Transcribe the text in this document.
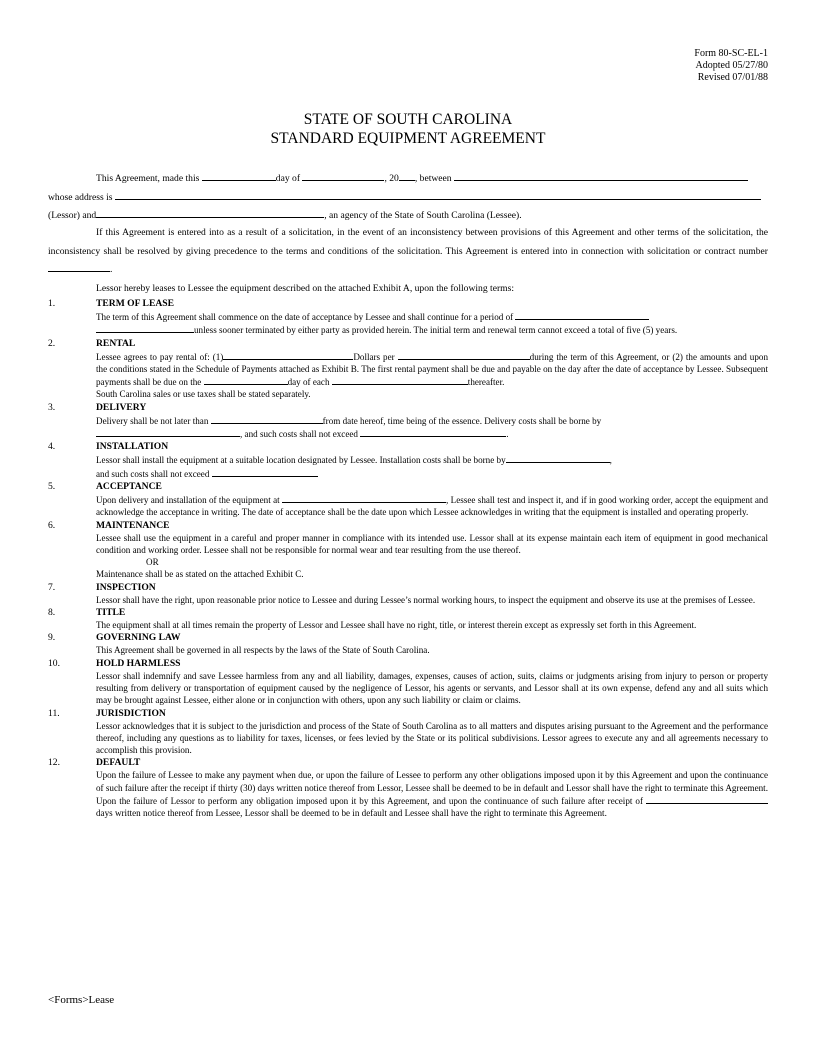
Form 80-SC-EL-1
Adopted 05/27/80
Revised 07/01/88
STATE OF SOUTH CAROLINA
STANDARD EQUIPMENT AGREEMENT
This Agreement, made this	day of	, 20 , between
whose address is
(Lessor) and	, an agency of the State of South Carolina (Lessee).
If this Agreement is entered into as a result of a solicitation, in the event of an inconsistency between provisions of this Agreement and other terms of the solicitation, the inconsistency shall be resolved by giving precedence to the terms and conditions of the solicitation. This Agreement is entered into in connection with solicitation or contract number .
Lessor hereby leases to Lessee the equipment described on the attached Exhibit A, upon the following terms:
1.	TERM OF LEASE
The term of this Agreement shall commence on the date of acceptance by Lessee and shall continue for a period of
unless sooner terminated by either party as provided herein. The initial term and renewal term cannot exceed a total of five (5) years.
2.	RENTAL
Lessee agrees to pay rental of: (1)	Dollars per	during the term of this Agreement, or (2) the amounts and upon the conditions stated in the Schedule of Payments attached as Exhibit B. The first rental payment shall be due and payable on the day after the date of acceptance by Lessee. Subsequent payments shall be due on the	day of each	thereafter.
South Carolina sales or use taxes shall be stated separately.
3.	DELIVERY
Delivery shall be not later than	from date hereof, time being of the essence. Delivery costs shall be borne by
, and such costs shall not exceed	.
4.	INSTALLATION
Lessor shall install the equipment at a suitable location designated by Lessee. Installation costs shall be borne by	,
and such costs shall not exceed
5.	ACCEPTANCE
Upon delivery and installation of the equipment at	, Lessee shall test and inspect it, and if in good working order, accept the equipment and acknowledge the acceptance in writing. The date of acceptance shall be the date upon which Lessee acknowledges in writing that the equipment is installed and operating properly.
6.	MAINTENANCE
Lessee shall use the equipment in a careful and proper manner in compliance with its intended use. Lessor shall at its expense maintain each item of equipment in good mechanical condition and working order. Lessee shall not be responsible for normal wear and tear resulting from the use thereof.
OR
Maintenance shall be as stated on the attached Exhibit C.
7.	INSPECTION
Lessor shall have the right, upon reasonable prior notice to Lessee and during Lessee’s normal working hours, to inspect the equipment and observe its use at the premises of Lessee.
8.	TITLE
The equipment shall at all times remain the property of Lessor and Lessee shall have no right, title, or interest therein except as expressly set forth in this Agreement.
9.	GOVERNING LAW
This Agreement shall be governed in all respects by the laws of the State of South Carolina.
10.	HOLD HARMLESS
Lessor shall indemnify and save Lessee harmless from any and all liability, damages, expenses, causes of action, suits, claims or judgments arising from injury to person or property resulting from delivery or transportation of equipment caused by the negligence of Lessor, his agents or servants, and Lessor shall at its own expense, defend any and all suits which may be brought against Lessee, either alone or in conjunction with others, upon any such liability or claim or claims.
11.	JURISDICTION
Lessor acknowledges that it is subject to the jurisdiction and process of the State of South Carolina as to all matters and disputes arising pursuant to the Agreement and the performance thereof, including any questions as to liability for taxes, licenses, or fees levied by the State or its political subdivisions. Lessor agrees to execute any and all agreements necessary to accomplish this provision.
12.	DEFAULT
Upon the failure of Lessee to make any payment when due, or upon the failure of Lessee to perform any other obligations imposed upon it by this Agreement and upon the continuance of such failure after the receipt if thirty (30) days written notice thereof from Lessor, Lessee shall be deemed to be in default and Lessor shall have the right to terminate this Agreement. Upon the failure of Lessor to perform any obligation imposed upon it by this Agreement, and upon the continuance of such failure after receipt of  days written notice thereof from Lessee, Lessor shall be deemed to be in default and Lessee shall have the right to terminate this Agreement.
<Forms>Lease
